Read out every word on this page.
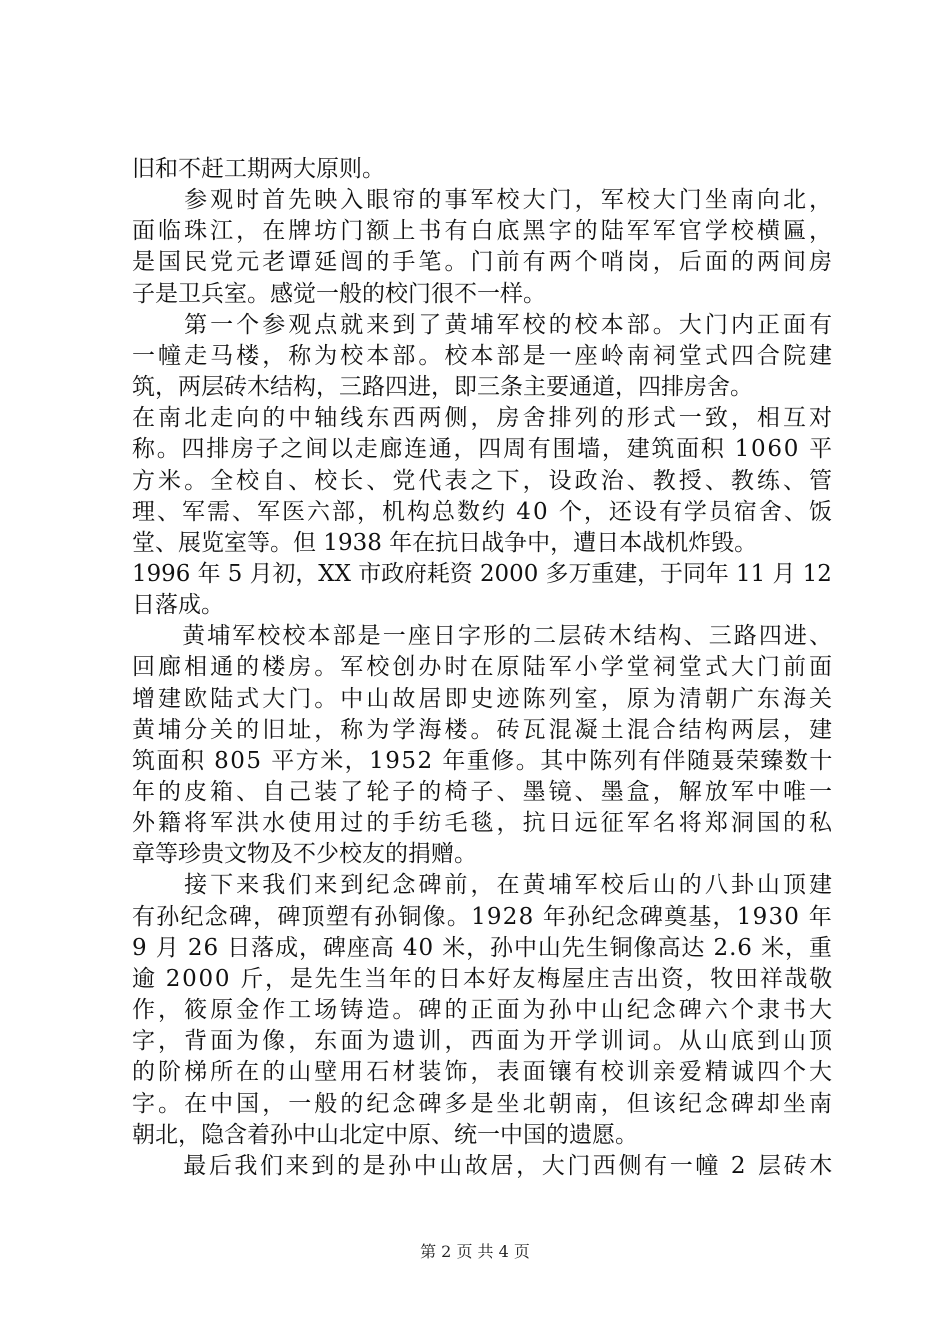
旧和不赶工期两大原则。
　　参观时首先映入眼帘的事军校大门，军校大门坐南向北，
面临珠江，在牌坊门额上书有白底黑字的陆军军官学校横匾，
是国民党元老谭延闿的手笔。门前有两个哨岗，后面的两间房
子是卫兵室。感觉一般的校门很不一样。
　　第一个参观点就来到了黄埔军校的校本部。大门内正面有
一幢走马楼，称为校本部。校本部是一座岭南祠堂式四合院建
筑，两层砖木结构，三路四进，即三条主要通道，四排房舍。
在南北走向的中轴线东西两侧，房舍排列的形式一致，相互对
称。四排房子之间以走廊连通，四周有围墙，建筑面积 1060 平
方米。全校自、校长、党代表之下，设政治、教授、教练、管
理、军需、军医六部，机构总数约 40 个，还设有学员宿舍、饭
堂、展览室等。但 1938 年在抗日战争中，遭日本战机炸毁。
1996 年 5 月初，XX 市政府耗资 2000 多万重建，于同年 11 月 12
日落成。
　　黄埔军校校本部是一座日字形的二层砖木结构、三路四进、
回廊相通的楼房。军校创办时在原陆军小学堂祠堂式大门前面
增建欧陆式大门。中山故居即史迹陈列室，原为清朝广东海关
黄埔分关的旧址，称为学海楼。砖瓦混凝土混合结构两层，建
筑面积 805 平方米，1952 年重修。其中陈列有伴随聂荣臻数十
年的皮箱、自己装了轮子的椅子、墨镜、墨盒，解放军中唯一
外籍将军洪水使用过的手纺毛毯，抗日远征军名将郑洞国的私
章等珍贵文物及不少校友的捐赠。
　　接下来我们来到纪念碑前，在黄埔军校后山的八卦山顶建
有孙纪念碑，碑顶塑有孙铜像。1928 年孙纪念碑奠基，1930 年
9 月 26 日落成，碑座高 40 米，孙中山先生铜像高达 2.6 米，重
逾 2000 斤，是先生当年的日本好友梅屋庄吉出资，牧田祥哉敬
作，筱原金作工场铸造。碑的正面为孙中山纪念碑六个隶书大
字，背面为像，东面为遗训，西面为开学训词。从山底到山顶
的阶梯所在的山壁用石材装饰，表面镶有校训亲爱精诚四个大
字。在中国，一般的纪念碑多是坐北朝南，但该纪念碑却坐南
朝北，隐含着孙中山北定中原、统一中国的遗愿。
　　最后我们来到的是孙中山故居，大门西侧有一幢 2 层砖木
第 2 页 共 4 页
